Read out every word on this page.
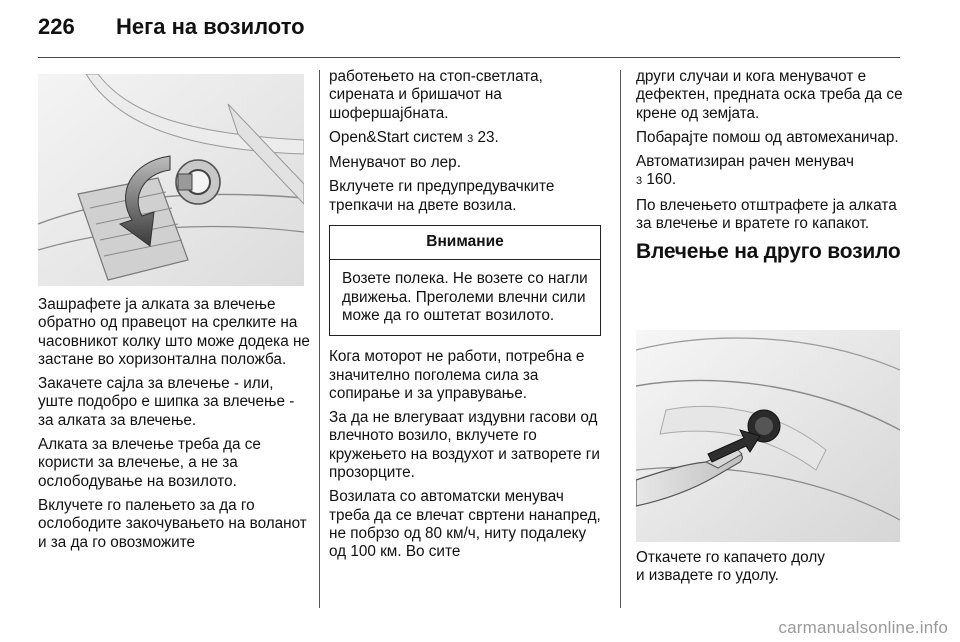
226 Нега на возилото

Зашрафете ја алката за влечење обратно од правецот на срелките на часовникот колку што може додека не застане во хоризонтална положба.

Закачете сајла за влечење - или, уште подобро е шипка за влечење - за алката за влечење.

Алката за влечење треба да се користи за влечење, а не за ослободување на возилото.

Вклучете го палењето за да го ослободите закочувањето на воланот и за да го овозможите

работењето на стоп-светлата, сирената и бришачот на шофершајбната.

Open&Start систем 3 23.

Менувачот во лер.

Вклучете ги предупредувачките трепкачи на двете возила.

Внимание

Возете полека. Не возете со нагли движења. Преголеми влечни сили може да го оштетат возилото.

Кога моторот не работи, потребна е значително поголема сила за сопирање и за управување.

За да не влегуваат издувни гасови од влечното возило, вклучете го кружењето на воздухот и затворете ги прозорците.

Возилата со автоматски менувач треба да се влечат свртени нанапред, не побрзо од 80 км/ч, ниту подалеку од 100 км. Во сите

други случаи и кога менувачот е дефектен, предната оска треба да се крене од земјата.

Побарајте помош од автомеханичар.

Автоматизиран рачен менувач
3 160.

По влечењето отштрафете ја алката за влечење и вратете го капакот.

Влечење на друго возило

Откачете го капачето долу

и извадете го удолу.

carmanualsonline.info
